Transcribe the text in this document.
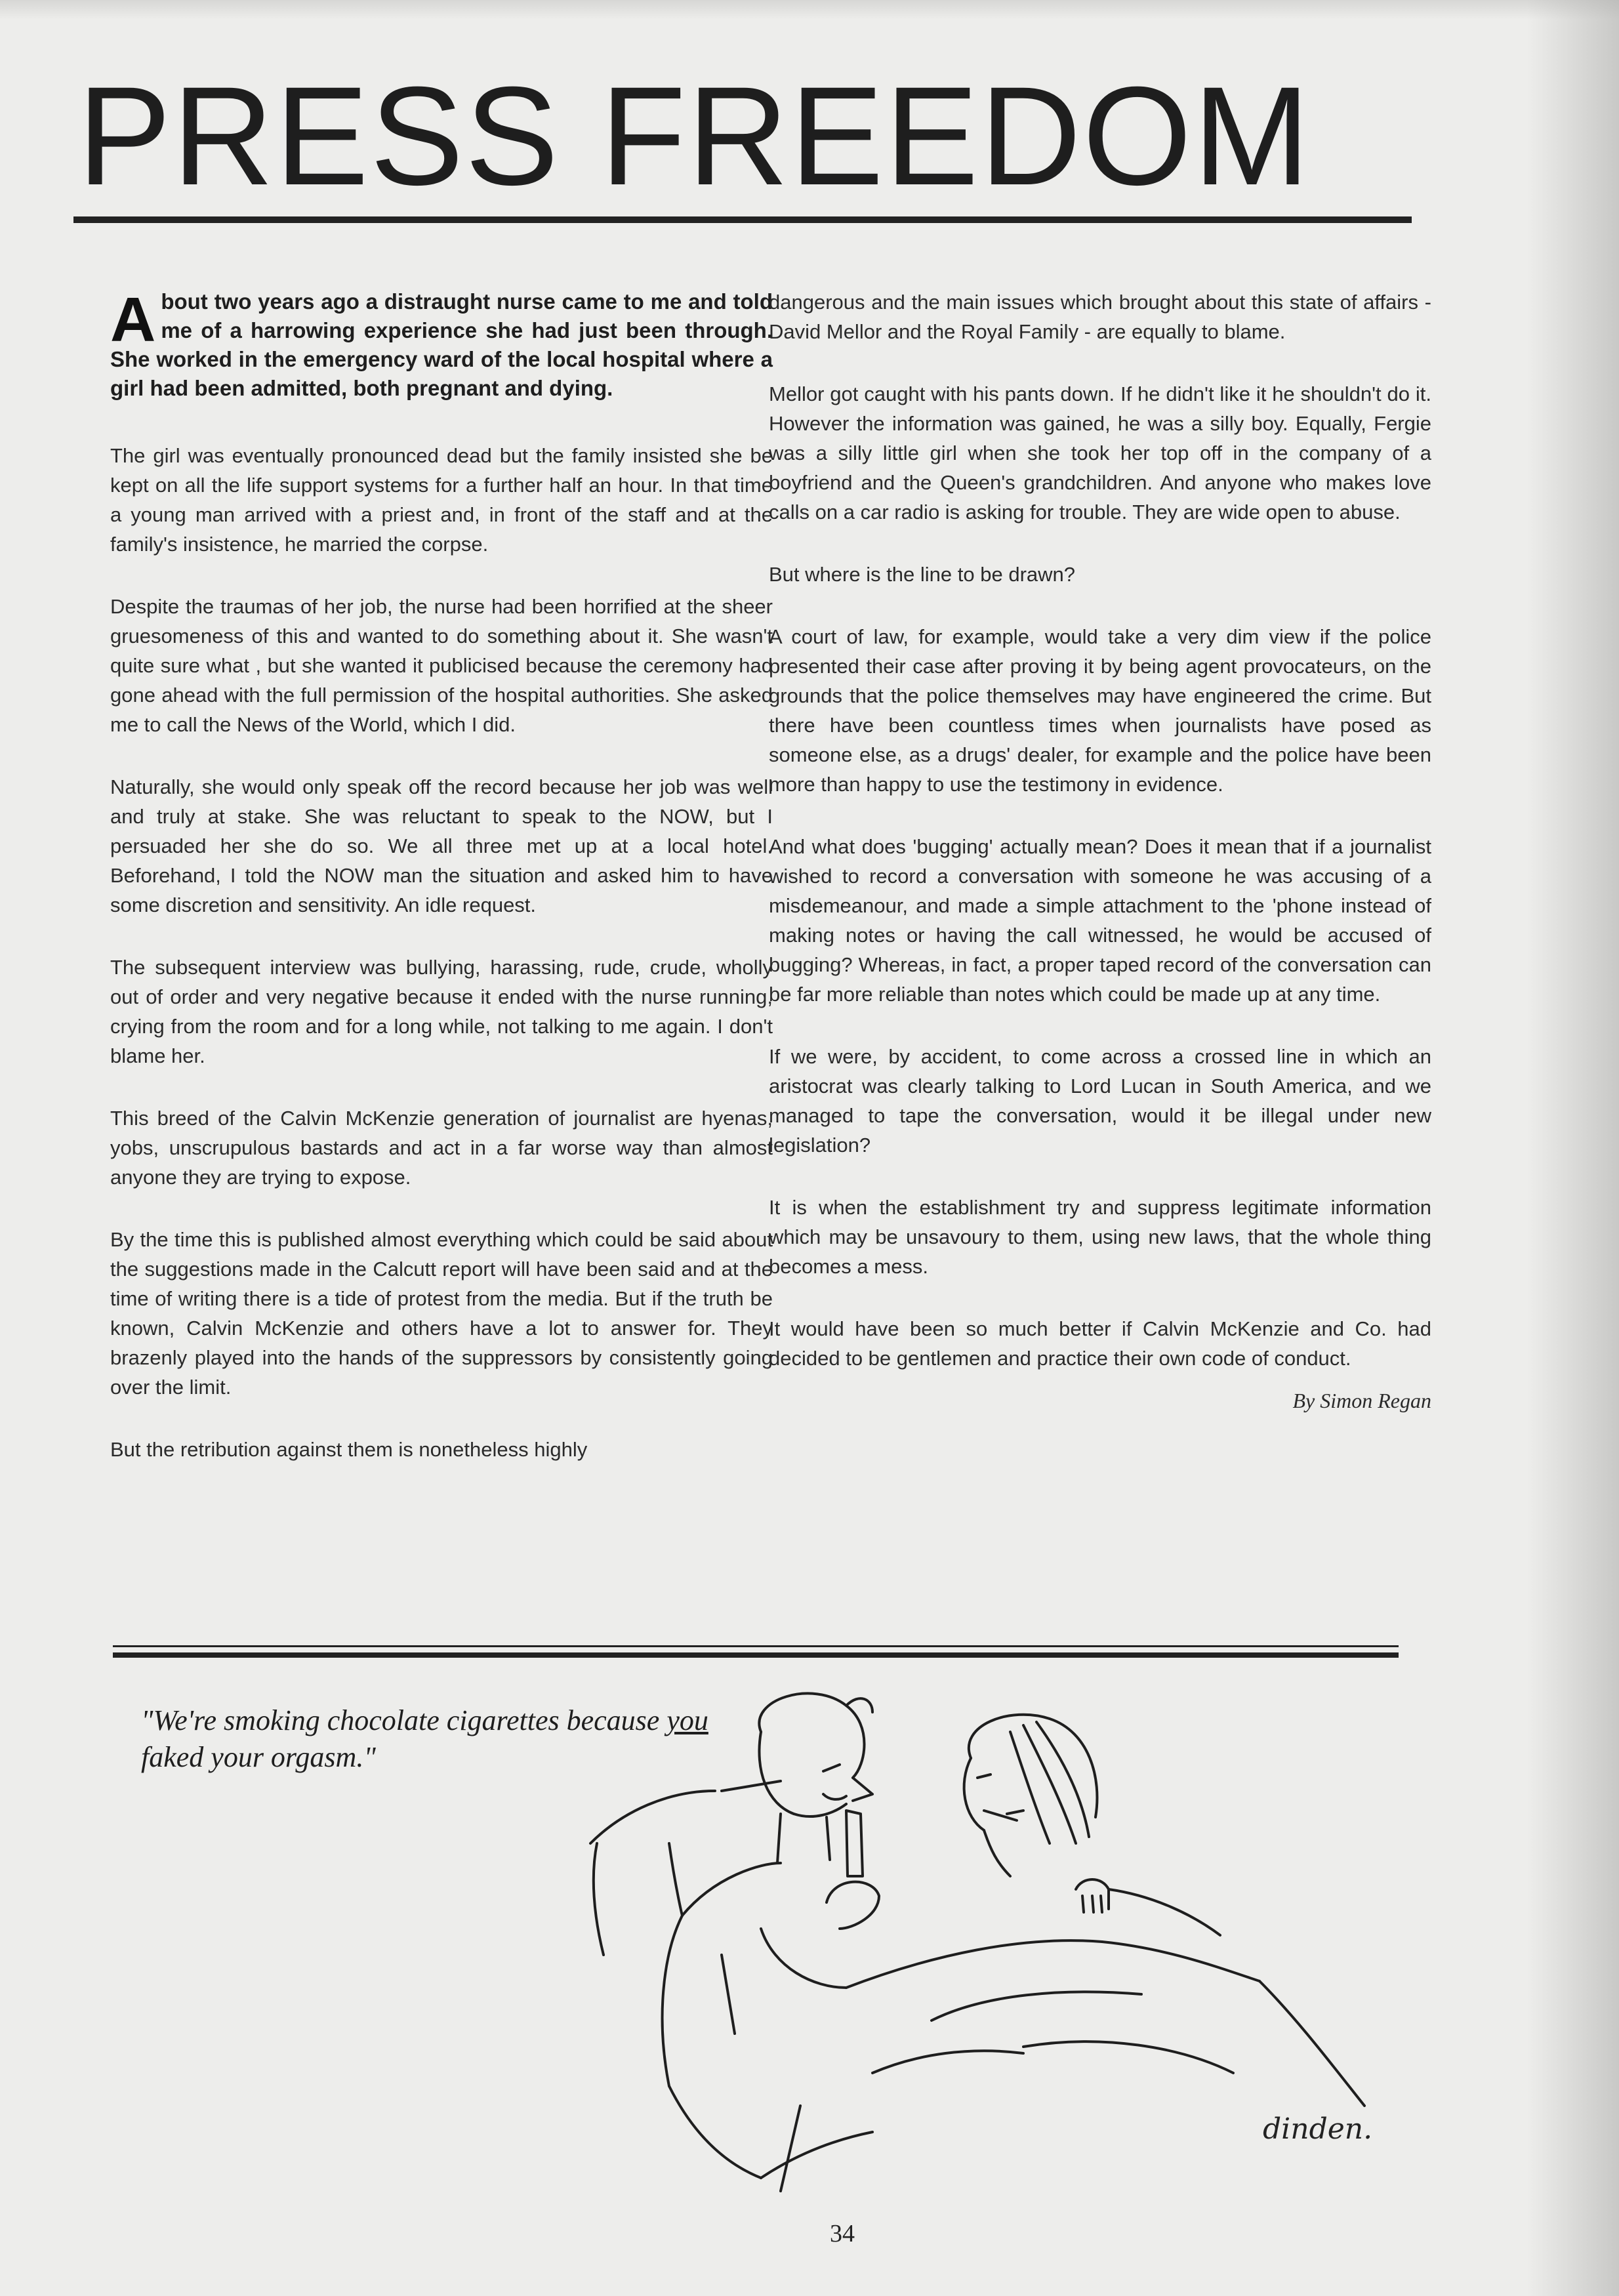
PRESS FREEDOM

A bout two years ago a distraught nurse came to me and told me of a harrowing experience she had just been through. She worked in the emergency ward of the local hospital where a girl had been admitted, both pregnant and dying.

The girl was eventually pronounced dead but the family insisted she be kept on all the life support systems for a further half an hour. In that time a young man arrived with a priest and, in front of the staff and at the family's insistence, he married the corpse.

Despite the traumas of her job, the nurse had been horrified at the sheer gruesomeness of this and wanted to do something about it. She wasn't quite sure what , but she wanted it publicised because the ceremony had gone ahead with the full permission of the hospital authorities. She asked me to call the News of the World, which I did.

Naturally, she would only speak off the record because her job was well and truly at stake. She was reluctant to speak to the NOW, but I persuaded her she do so. We all three met up at a local hotel. Beforehand, I told the NOW man the situation and asked him to have some discretion and sensitivity. An idle request.

The subsequent interview was bullying, harassing, rude, crude, wholly out of order and very negative because it ended with the nurse running, crying from the room and for a long while, not talking to me again. I don't blame her.

This breed of the Calvin McKenzie generation of journalist are hyenas, yobs, unscrupulous bastards and act in a far worse way than almost anyone they are trying to expose.

By the time this is published almost everything which could be said about the suggestions made in the Calcutt report will have been said and at the time of writing there is a tide of protest from the media. But if the truth be known, Calvin McKenzie and others have a lot to answer for. They brazenly played into the hands of the suppressors by consistently going over the limit.

But the retribution against them is nonetheless highly

dangerous and the main issues which brought about this state of affairs - David Mellor and the Royal Family - are equally to blame.

Mellor got caught with his pants down. If he didn't like it he shouldn't do it. However the information was gained, he was a silly boy. Equally, Fergie was a silly little girl when she took her top off in the company of a boyfriend and the Queen's grandchildren. And anyone who makes love calls on a car radio is asking for trouble. They are wide open to abuse.

But where is the line to be drawn?

A court of law, for example, would take a very dim view if the police presented their case after proving it by being agent provocateurs, on the grounds that the police themselves may have engineered the crime. But there have been countless times when journalists have posed as someone else, as a drugs' dealer, for example and the police have been more than happy to use the testimony in evidence.

And what does 'bugging' actually mean? Does it mean that if a journalist wished to record a conversation with someone he was accusing of a misdemeanour, and made a simple attachment to the 'phone instead of making notes or having the call witnessed, he would be accused of bugging? Whereas, in fact, a proper taped record of the conversation can be far more reliable than notes which could be made up at any time.

If we were, by accident, to come across a crossed line in which an aristocrat was clearly talking to Lord Lucan in South America, and we managed to tape the conversation, would it be illegal under new legislation?

It is when the establishment try and suppress legitimate information which may be unsavoury to them, using new laws, that the whole thing becomes a mess.

It would have been so much better if Calvin McKenzie and Co. had decided to be gentlemen and practice their own code of conduct.

By Simon Regan

"We're smoking chocolate cigarettes because you faked your orgasm."

dinden.

34
